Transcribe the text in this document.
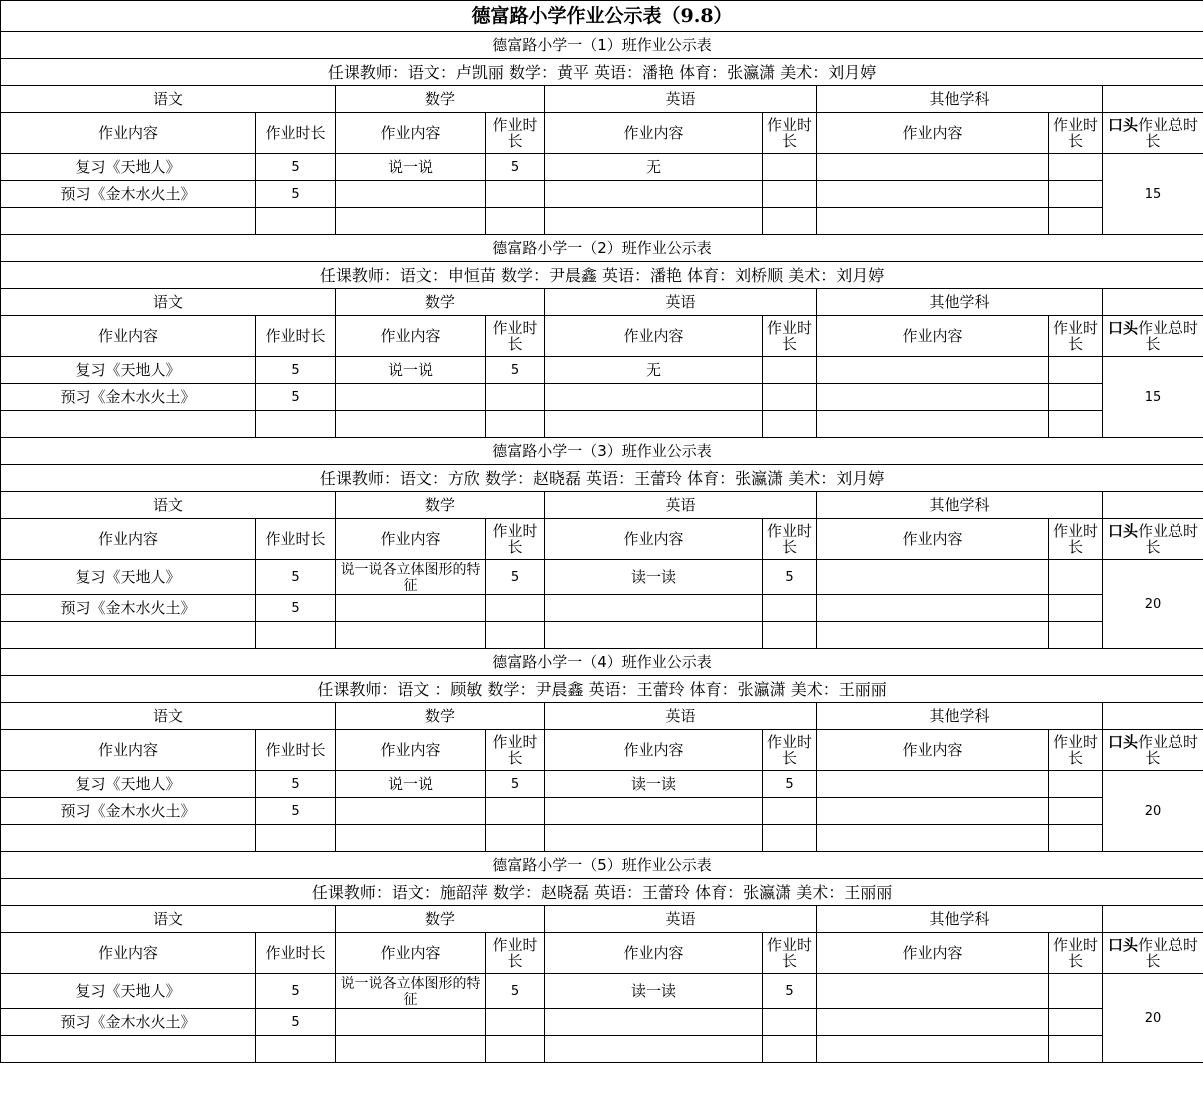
德富路小学作业公示表（9.8）								
德富路小学一（1）班作业公示表								
任课教师：语文：卢凯丽 数学：黄平 英语：潘艳 体育：张瀛潇 美术：刘月婷								
语文		数学		英语		其他学科		
作业内容	作业时长	作业内容	作业时长	作业内容	作业时长	作业内容	作业时长	口头作业总时长
复习《天地人》	5	说一说	5	无				15
预习《金木水火土》	5							

德富路小学一（2）班作业公示表								
任课教师：语文：申恒苗 数学：尹晨鑫 英语：潘艳 体育：刘桥顺 美术：刘月婷								
语文		数学		英语		其他学科		
作业内容	作业时长	作业内容	作业时长	作业内容	作业时长	作业内容	作业时长	口头作业总时长
复习《天地人》	5	说一说	5	无				15
预习《金木水火土》	5							

德富路小学一（3）班作业公示表								
任课教师：语文：方欣 数学：赵晓磊 英语：王蕾玲 体育：张瀛潇 美术：刘月婷								
语文		数学		英语		其他学科		
作业内容	作业时长	作业内容	作业时长	作业内容	作业时长	作业内容	作业时长	口头作业总时长
复习《天地人》	5	说一说各立体图形的特征	5	读一读	5			20
预习《金木水火土》	5							

德富路小学一（4）班作业公示表								
任课教师：语文 ：顾敏 数学：尹晨鑫 英语：王蕾玲 体育：张瀛潇 美术：王丽丽								
语文		数学		英语		其他学科		
作业内容	作业时长	作业内容	作业时长	作业内容	作业时长	作业内容	作业时长	口头作业总时长
复习《天地人》	5	说一说	5	读一读	5			20
预习《金木水火土》	5							

德富路小学一（5）班作业公示表								
任课教师：语文：施韶萍 数学：赵晓磊 英语：王蕾玲 体育：张瀛潇 美术：王丽丽								
语文		数学		英语		其他学科		
作业内容	作业时长	作业内容	作业时长	作业内容	作业时长	作业内容	作业时长	口头作业总时长
复习《天地人》	5	说一说各立体图形的特征	5	读一读	5			20
预习《金木水火土》	5							
